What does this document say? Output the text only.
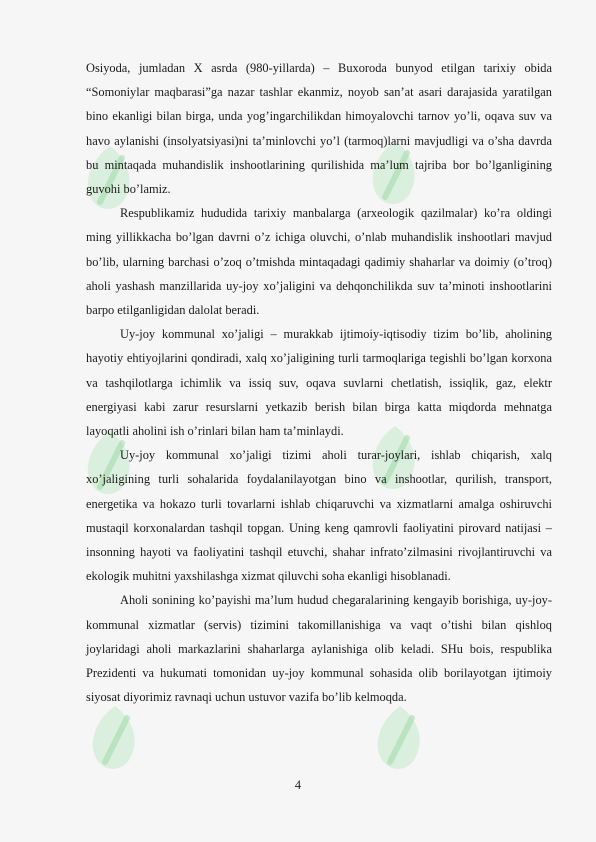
Osiyoda, jumladan X asrda (980-yillarda) – Buxoroda bunyod etilgan tarixiy obida “Somoniylar maqbarasi”ga nazar tashlar ekanmiz, noyob san’at asari darajasida yaratilgan bino ekanligi bilan birga, unda yog’ingarchilikdan himoyalovchi tarnov yo’li, oqava suv va havo aylanishi (insolyatsiyasi)ni ta’minlovchi yo’l (tarmoq)larni mavjudligi va o’sha davrda bu mintaqada muhandislik inshootlarining qurilishida ma’lum tajriba bor bo’lganligining guvohi bo’lamiz.

Respublikamiz hududida tarixiy manbalarga (arxeologik qazilmalar) ko’ra oldingi ming yillikkacha bo’lgan davrni o’z ichiga oluvchi, o’nlab muhandislik inshootlari mavjud bo’lib, ularning barchasi o’zoq o’tmishda mintaqadagi qadimiy shaharlar va doimiy (o’troq) aholi yashash manzillarida uy-joy xo’jaligini va dehqonchilikda suv ta’minoti inshootlarini barpo etilganligidan dalolat beradi.

Uy-joy kommunal xo’jaligi – murakkab ijtimoiy-iqtisodiy tizim bo’lib, aholining hayotiy ehtiyojlarini qondiradi, xalq xo’jaligining turli tarmoqlariga tegishli bo’lgan korxona va tashqilotlarga ichimlik va issiq suv, oqava suvlarni chetlatish, issiqlik, gaz, elektr energiyasi kabi zarur resurslarni yetkazib berish bilan birga katta miqdorda mehnatga layoqatli aholini ish o’rinlari bilan ham ta’minlaydi.

Uy-joy kommunal xo’jaligi tizimi aholi turar-joylari, ishlab chiqarish, xalq xo’jaligining turli sohalarida foydalanilayotgan bino va inshootlar, qurilish, transport, energetika va hokazo turli tovarlarni ishlab chiqaruvchi va xizmatlarni amalga oshiruvchi mustaqil korxonalardan tashqil topgan. Uning keng qamrovli faoliyatini pirovard natijasi – insonning hayoti va faoliyatini tashqil etuvchi, shahar infrato’zilmasini rivojlantiruvchi va ekologik muhitni yaxshilashga xizmat qiluvchi soha ekanligi hisoblanadi.

Aholi sonining ko’payishi ma’lum hudud chegaralarining kengayib borishiga, uy-joy-kommunal xizmatlar (servis) tizimini takomillanishiga va vaqt o’tishi bilan qishloq joylaridagi aholi markazlarini shaharlarga aylanishiga olib keladi. SHu bois, respublika Prezidenti va hukumati tomonidan uy-joy kommunal sohasida olib borilayotgan ijtimoiy siyosat diyorimiz ravnaqi uchun ustuvor vazifa bo’lib kelmoqda.

4
